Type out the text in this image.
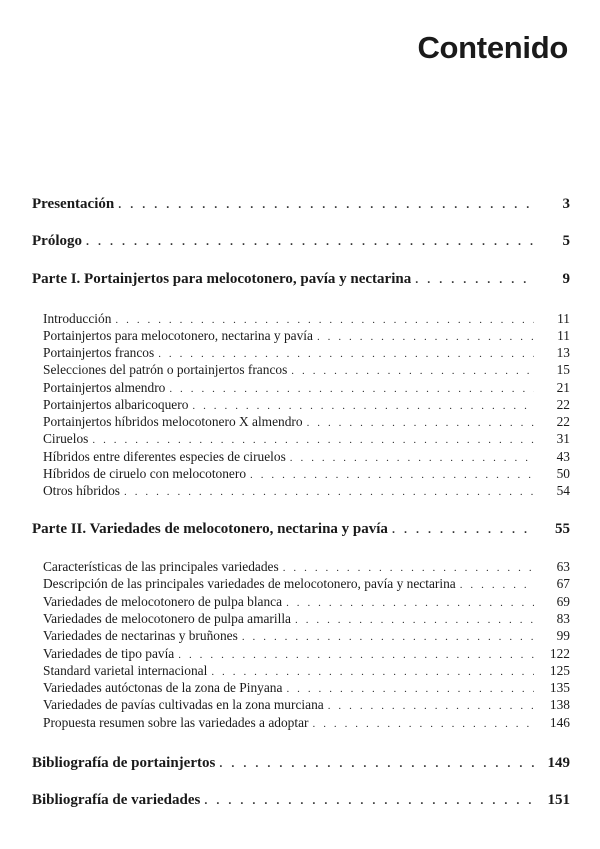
Contenido
Presentación . . .	3
Prólogo . . .	5
Parte I. Portainjertos para melocotonero, pavía y nectarina . . .	9
Introducción . . .	11
Portainjertos para melocotonero, nectarina y pavía . . .	11
Portainjertos francos . . .	13
Selecciones del patrón o portainjertos francos . . .	15
Portainjertos almendro . . .	21
Portainjertos albaricoquero . . .	22
Portainjertos híbridos melocotonero X almendro . . .	22
Ciruelos . . .	31
Híbridos entre diferentes especies de ciruelos . . .	43
Híbridos de ciruelo con melocotonero . . .	50
Otros híbridos . . .	54
Parte II. Variedades de melocotonero, nectarina y pavía . . .	55
Características de las principales variedades . . .	63
Descripción de las principales variedades de melocotonero, pavía y nectarina . . .	67
Variedades de melocotonero de pulpa blanca . . .	69
Variedades de melocotonero de pulpa amarilla . . .	83
Variedades de nectarinas y bruñones . . .	99
Variedades de tipo pavía . . .	122
Standard varietal internacional . . .	125
Variedades autóctonas de la zona de Pinyana . . .	135
Variedades de pavías cultivadas en la zona murciana . . .	138
Propuesta resumen sobre las variedades a adoptar . . .	146
Bibliografía de portainjertos . . .	149
Bibliografía de variedades . . .	151
